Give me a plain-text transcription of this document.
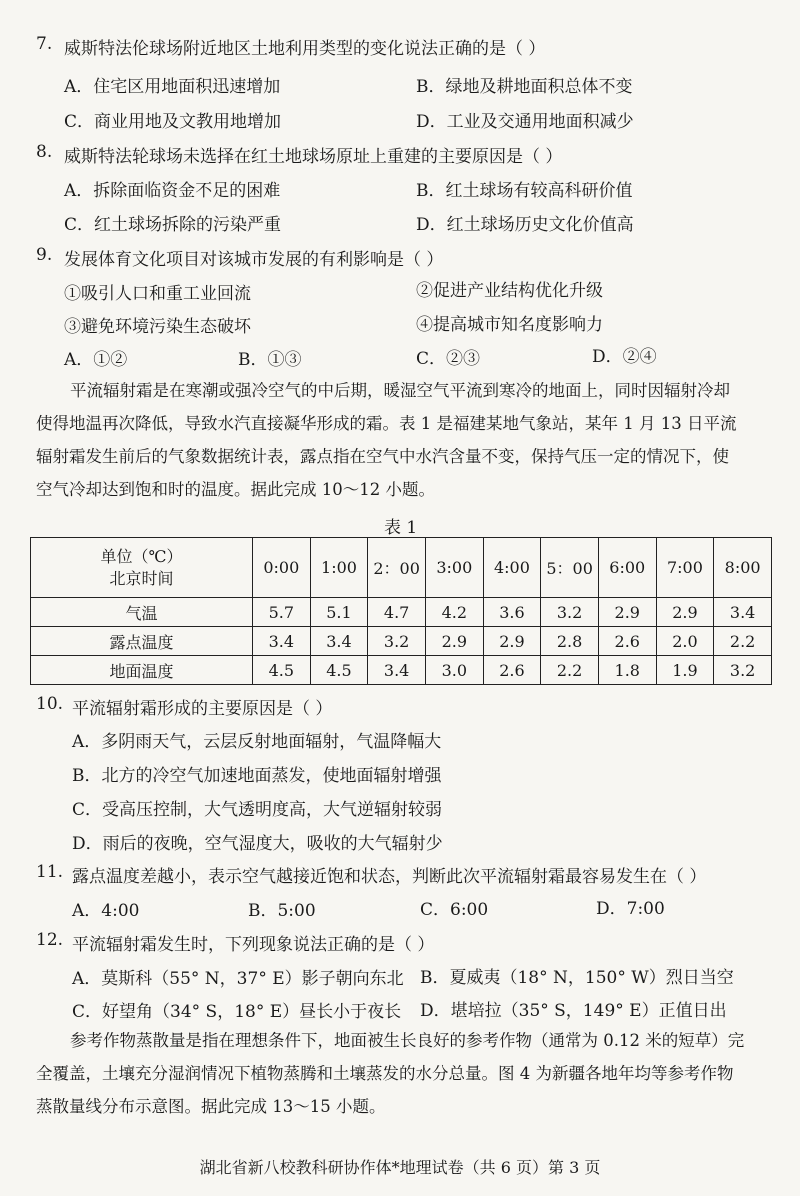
7. 威斯特法伦球场附近地区土地利用类型的变化说法正确的是（ ）
A．住宅区用地面积迅速增加	B．绿地及耕地面积总体不变
C．商业用地及文教用地增加	D．工业及交通用地面积减少
8. 威斯特法轮球场未选择在红土地球场原址上重建的主要原因是（ ）
A．拆除面临资金不足的困难	B．红土球场有较高科研价值
C．红土球场拆除的污染严重	D．红土球场历史文化价值高
9. 发展体育文化项目对该城市发展的有利影响是（ ）
①吸引人口和重工业回流	②促进产业结构优化升级
③避免环境污染生态破坏	④提高城市知名度影响力
A．①②	B．①③	C．②③	D．②④
平流辐射霜是在寒潮或强冷空气的中后期，暖湿空气平流到寒冷的地面上，同时因辐射冷却
使得地温再次降低，导致水汽直接凝华形成的霜。表 1 是福建某地气象站，某年 1 月 13 日平流
辐射霜发生前后的气象数据统计表，露点指在空气中水汽含量不变，保持气压一定的情况下，使
空气冷却达到饱和时的温度。据此完成 10～12 小题。
表 1
单位（℃）
北京时间	0:00	1:00	2：00	3:00	4:00	5：00	6:00	7:00	8:00
气温	5.7	5.1	4.7	4.2	3.6	3.2	2.9	2.9	3.4
露点温度	3.4	3.4	3.2	2.9	2.9	2.8	2.6	2.0	2.2
地面温度	4.5	4.5	3.4	3.0	2.6	2.2	1.8	1.9	3.2
10. 平流辐射霜形成的主要原因是（ ）
A．多阴雨天气，云层反射地面辐射，气温降幅大
B．北方的冷空气加速地面蒸发，使地面辐射增强
C．受高压控制，大气透明度高，大气逆辐射较弱
D．雨后的夜晚，空气湿度大，吸收的大气辐射少
11. 露点温度差越小，表示空气越接近饱和状态，判断此次平流辐射霜最容易发生在（ ）
A．4:00	B．5:00	C．6:00	D．7:00
12. 平流辐射霜发生时，下列现象说法正确的是（ ）
A．莫斯科（55° N，37° E）影子朝向东北 B．夏威夷（18° N，150° W）烈日当空
C．好望角（34° S，18° E）昼长小于夜长 D．堪培拉（35° S，149° E）正值日出
参考作物蒸散量是指在理想条件下，地面被生长良好的参考作物（通常为 0.12 米的短草）完
全覆盖，土壤充分湿润情况下植物蒸腾和土壤蒸发的水分总量。图 4 为新疆各地年均等参考作物
蒸散量线分布示意图。据此完成 13～15 小题。
湖北省新八校教科研协作体*地理试卷（共 6 页）第 3 页
